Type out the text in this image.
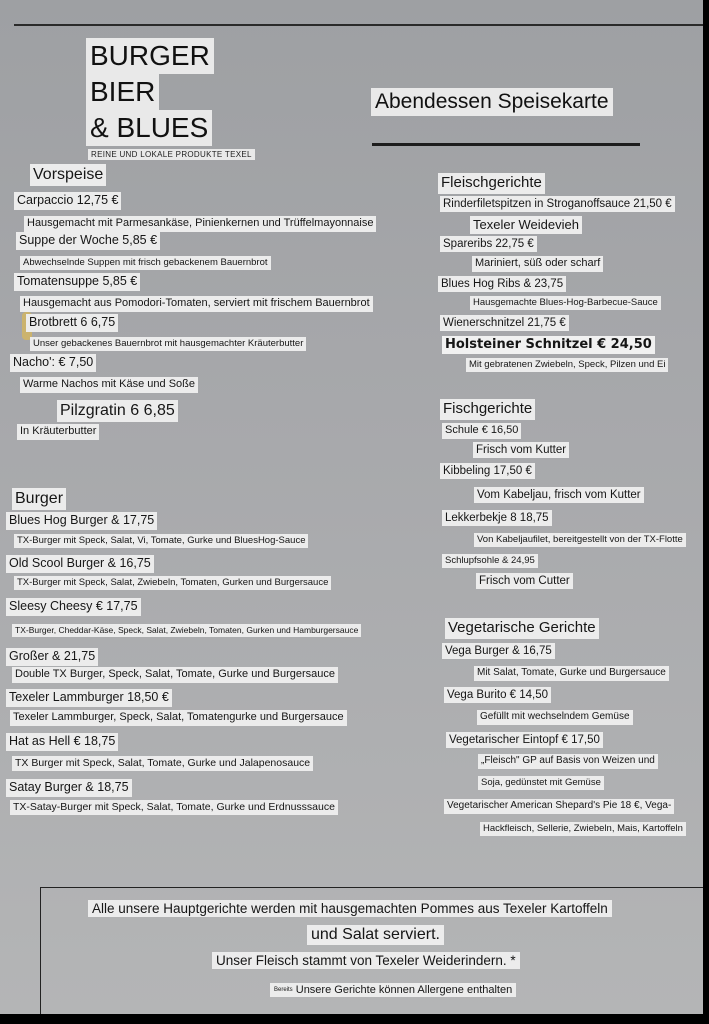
BURGER
BIER
& BLUES
REINE UND LOKALE PRODUKTE TEXEL
Abendessen Speisekarte
Vorspeise
Carpaccio 12,75 €
Hausgemacht mit Parmesankäse, Pinienkernen und Trüffelmayonnaise
Suppe der Woche 5,85 €
Abwechselnde Suppen mit frisch gebackenem Bauernbrot
Tomatensuppe 5,85 €
Hausgemacht aus Pomodori-Tomaten, serviert mit frischem Bauernbrot
Brotbrett 6 6,75
Unser gebackenes Bauernbrot mit hausgemachter Kräuterbutter
Nacho': € 7,50
Warme Nachos mit Käse und Soße
Pilzgratin 6 6,85
In Kräuterbutter
Burger
Blues Hog Burger & 17,75
TX-Burger mit Speck, Salat, Vi, Tomate, Gurke und BluesHog-Sauce
Old Scool Burger & 16,75
TX-Burger mit Speck, Salat, Zwiebeln, Tomaten, Gurken und Burgersauce
Sleesy Cheesy € 17,75
TX-Burger, Cheddar-Käse, Speck, Salat, Zwiebeln, Tomaten, Gurken und Hamburgersauce
Großer & 21,75
Double TX Burger, Speck, Salat, Tomate, Gurke und Burgersauce
Texeler Lammburger 18,50 €
Texeler Lammburger, Speck, Salat, Tomatengurke und Burgersauce
Hat as Hell € 18,75
TX Burger mit Speck, Salat, Tomate, Gurke und Jalapenosauce
Satay Burger & 18,75
TX-Satay-Burger mit Speck, Salat, Tomate, Gurke und Erdnusssauce
Fleischgerichte
Rinderfiletspitzen in Stroganoffsauce 21,50 €
Texeler Weidevieh
Spareribs 22,75 €
Mariniert, süß oder scharf
Blues Hog Ribs & 23,75
Hausgemachte Blues-Hog-Barbecue-Sauce
Wienerschnitzel 21,75 €
Holsteiner Schnitzel € 24,50
Mit gebratenen Zwiebeln, Speck, Pilzen und Ei
Fischgerichte
Schule € 16,50
Frisch vom Kutter
Kibbeling 17,50 €
Vom Kabeljau, frisch vom Kutter
Lekkerbekje 8 18,75
Von Kabeljaufilet, bereitgestellt von der TX-Flotte
Schlupfsohle & 24,95
Frisch vom Cutter
Vegetarische Gerichte
Vega Burger & 16,75
Mit Salat, Tomate, Gurke und Burgersauce
Vega Burito € 14,50
Gefüllt mit wechselndem Gemüse
Vegetarischer Eintopf € 17,50
„Fleisch" GP auf Basis von Weizen und
Soja, gedünstet mit Gemüse
Vegetarischer American Shepard's Pie 18 €, Vega-
Hackfleisch, Sellerie, Zwiebeln, Mais, Kartoffeln
Alle unsere Hauptgerichte werden mit hausgemachten Pommes aus Texeler Kartoffeln
und Salat serviert.
Unser Fleisch stammt von Texeler Weiderindern. *
Bereits Unsere Gerichte können Allergene enthalten
